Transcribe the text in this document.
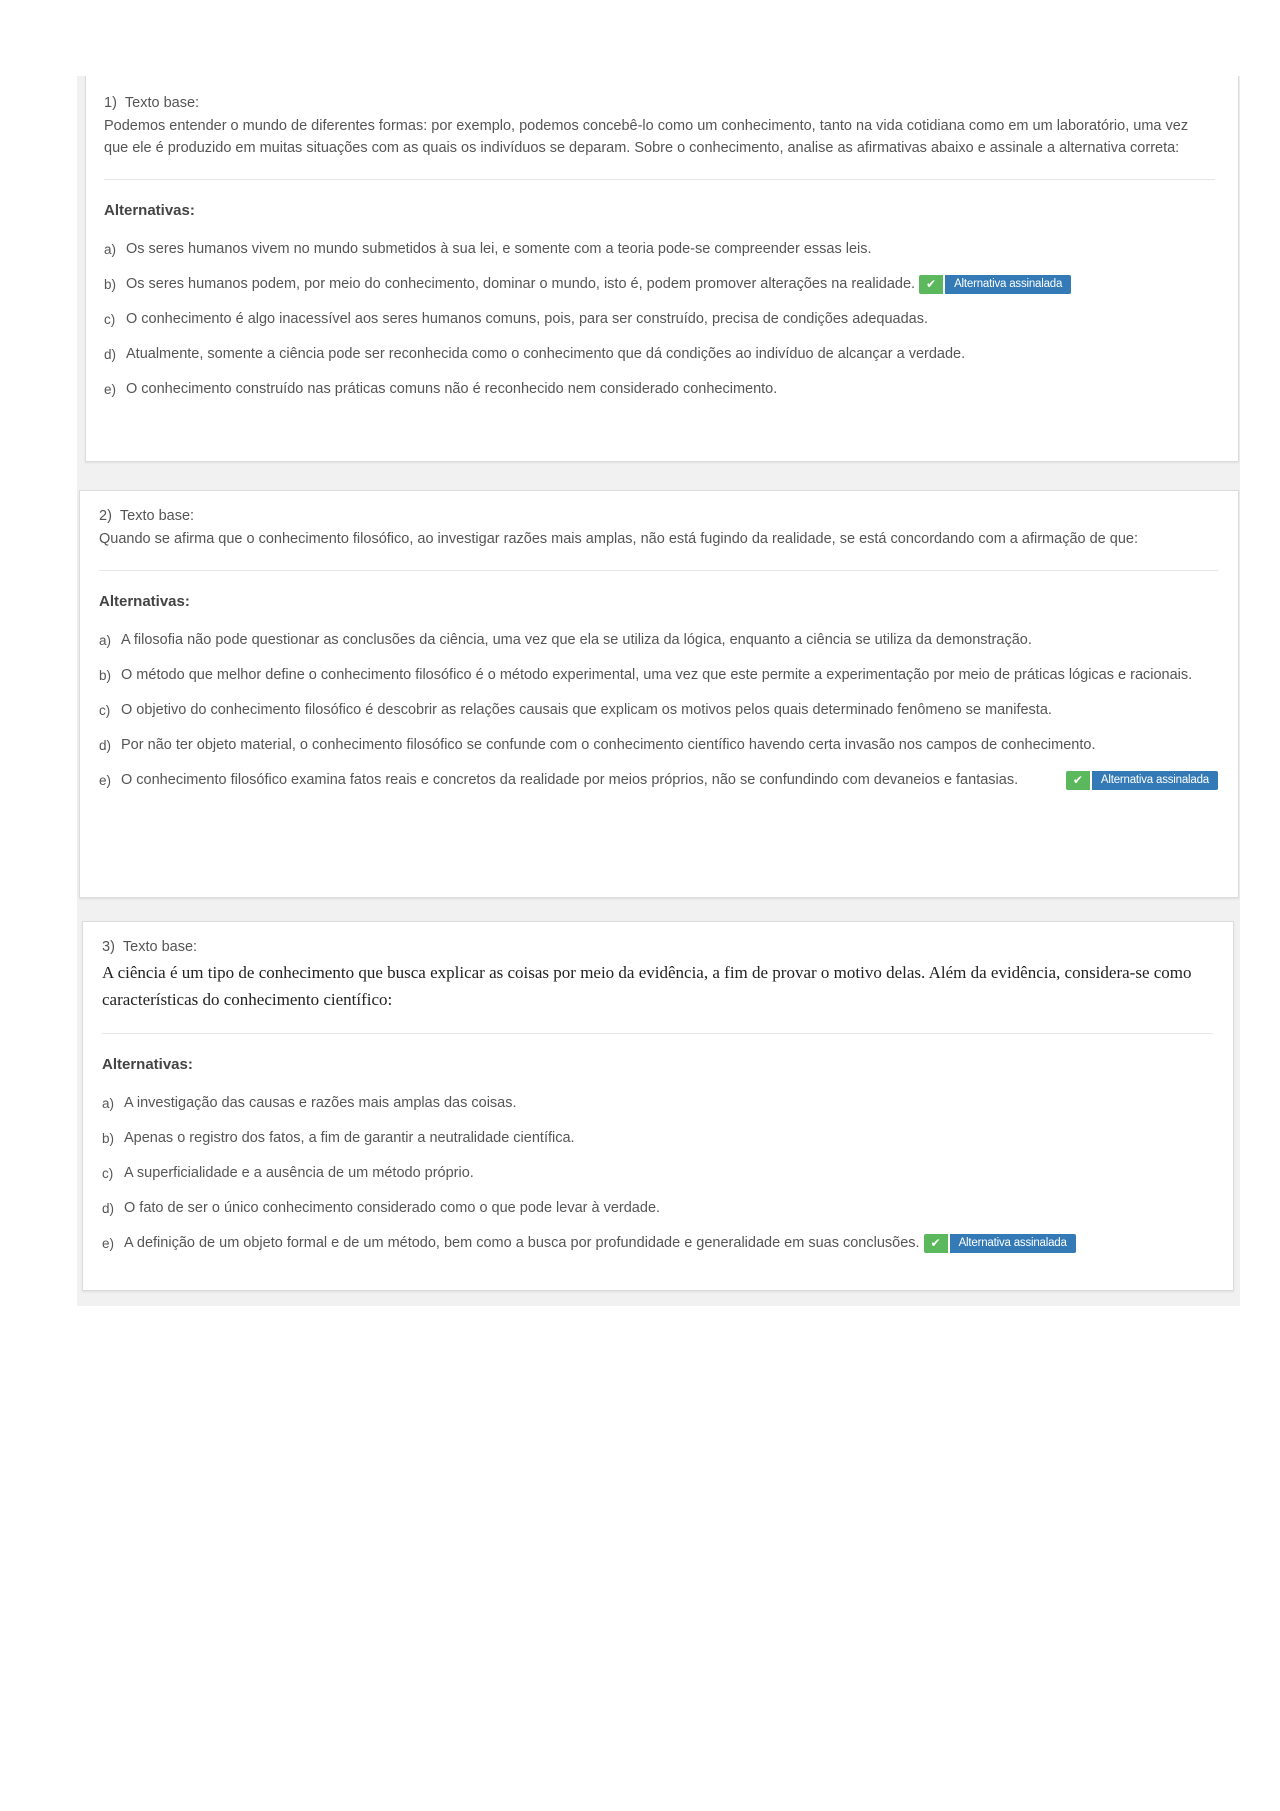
1) Texto base:
Podemos entender o mundo de diferentes formas: por exemplo, podemos concebê-lo como um conhecimento, tanto na vida cotidiana como em um laboratório, uma vez que ele é produzido em muitas situações com as quais os indivíduos se deparam. Sobre o conhecimento, analise as afirmativas abaixo e assinale a alternativa correta:
Alternativas:
a) Os seres humanos vivem no mundo submetidos à sua lei, e somente com a teoria pode-se compreender essas leis.
b) Os seres humanos podem, por meio do conhecimento, dominar o mundo, isto é, podem promover alterações na realidade. ✔	Alternativa assinalada
c) O conhecimento é algo inacessível aos seres humanos comuns, pois, para ser construído, precisa de condições adequadas.
d) Atualmente, somente a ciência pode ser reconhecida como o conhecimento que dá condições ao indivíduo de alcançar a verdade.
e) O conhecimento construído nas práticas comuns não é reconhecido nem considerado conhecimento.
2) Texto base:
Quando se afirma que o conhecimento filosófico, ao investigar razões mais amplas, não está fugindo da realidade, se está concordando com a afirmação de que:
Alternativas:
a) A filosofia não pode questionar as conclusões da ciência, uma vez que ela se utiliza da lógica, enquanto a ciência se utiliza da demonstração.
b) O método que melhor define o conhecimento filosófico é o método experimental, uma vez que este permite a experimentação por meio de práticas lógicas e racionais.
c) O objetivo do conhecimento filosófico é descobrir as relações causais que explicam os motivos pelos quais determinado fenômeno se manifesta.
d) Por não ter objeto material, o conhecimento filosófico se confunde com o conhecimento científico havendo certa invasão nos campos de conhecimento.
e) O conhecimento filosófico examina fatos reais e concretos da realidade por meios próprios, não se confundindo com devaneios e fantasias.	✔	Alternativa assinalada
3) Texto base:
A ciência é um tipo de conhecimento que busca explicar as coisas por meio da evidência, a fim de provar o motivo delas. Além da evidência, considera-se como características do conhecimento científico:
Alternativas:
a) A investigação das causas e razões mais amplas das coisas.
b) Apenas o registro dos fatos, a fim de garantir a neutralidade científica.
c) A superficialidade e a ausência de um método próprio.
d) O fato de ser o único conhecimento considerado como o que pode levar à verdade.
e) A definição de um objeto formal e de um método, bem como a busca por profundidade e generalidade em suas conclusões. ✔	Alternativa assinalada
